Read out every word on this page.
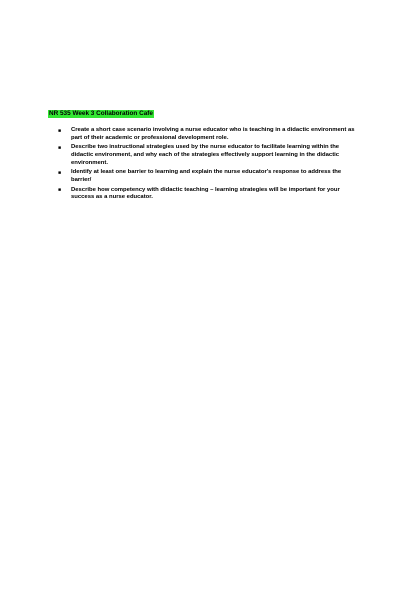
NR 535 Week 3 Collaboration Cafe
■ Create a short case scenario involving a nurse educator who is teaching in a didactic environment as part of their academic or professional development role.
■ Describe two instructional strategies used by the nurse educator to facilitate learning within the didactic environment, and why each of the strategies effectively support learning in the didactic environment.
■ Identify at least one barrier to learning and explain the nurse educator's response to address the barrier/
■ Describe how competency with didactic teaching – learning strategies will be important for your success as a nurse educator.
